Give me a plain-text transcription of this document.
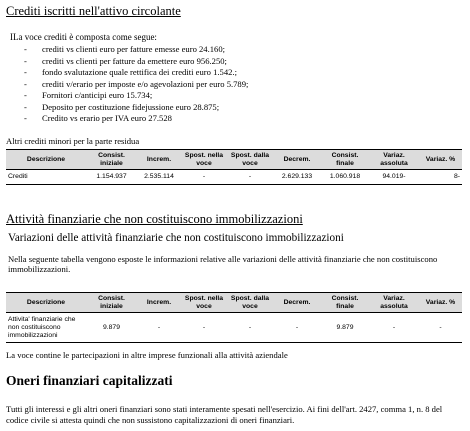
Crediti iscritti nell'attivo circolante
ILa voce crediti è composta come segue:
- crediti vs clienti euro per fatture emesse euro 24.160;
- crediti vs clienti per fatture da emettere euro 956.250;
- fondo svalutazione quale rettifica dei crediti euro 1.542.;
- crediti v/erario per imposte e/o agevolazioni per euro 5.789;
- Fornitori c/anticipi euro 15.734;
- Deposito per costituzione fidejussione euro 28.875;
- Credito vs erario per IVA euro 27.528
Altri crediti minori per la parte residua
Descrizione	Consist. iniziale	Increm.	Spost. nella voce	Spost. dalla voce	Decrem.	Consist. finale	Variaz. assoluta	Variaz. %
Crediti	1.154.937	2.535.114	-	-	2.629.133	1.060.918	94.019-	8-
Attività finanziarie che non costituiscono immobilizzazioni
Variazioni delle attività finanziarie che non costituiscono immobilizzazioni
Nella seguente tabella vengono esposte le informazioni relative alle variazioni delle attività finanziarie che non costituiscono immobilizzazioni.
Descrizione	Consist. iniziale	Increm.	Spost. nella voce	Spost. dalla voce	Decrem.	Consist. finale	Variaz. assoluta	Variaz. %
Attivita' finanziarie che non costituiscono immobilizzazioni	9.879	-	-	-	-	9.879	-	-
La voce contine le partecipazioni in altre imprese funzionali alla attività aziendale
Oneri finanziari capitalizzati
Tutti gli interessi e gli altri oneri finanziari sono stati interamente spesati nell'esercizio. Ai fini dell'art. 2427, comma 1, n. 8 del codice civile si attesta quindi che non sussistono capitalizzazioni di oneri finanziari.
